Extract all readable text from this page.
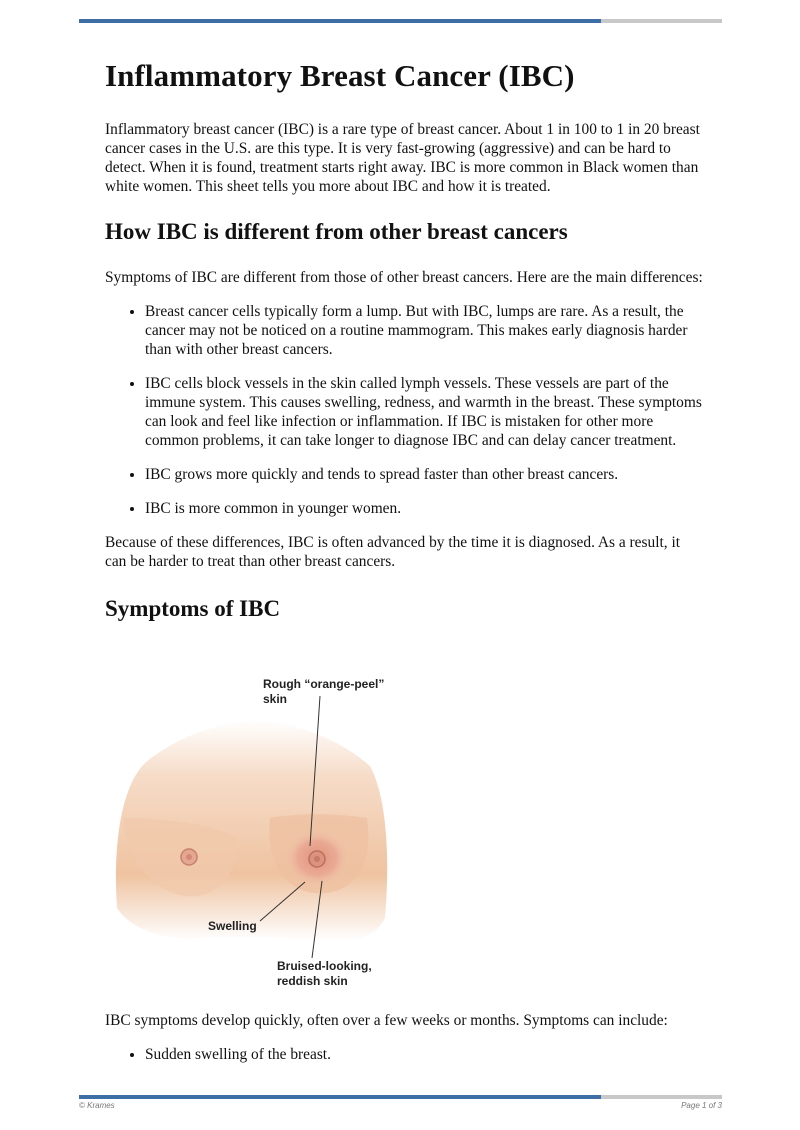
Inflammatory Breast Cancer (IBC)

Inflammatory breast cancer (IBC) is a rare type of breast cancer. About 1 in 100 to 1 in 20 breast cancer cases in the U.S. are this type. It is very fast-growing (aggressive) and can be hard to detect. When it is found, treatment starts right away. IBC is more common in Black women than white women. This sheet tells you more about IBC and how it is treated.

How IBC is different from other breast cancers

Symptoms of IBC are different from those of other breast cancers. Here are the main differences:

• Breast cancer cells typically form a lump. But with IBC, lumps are rare. As a result, the cancer may not be noticed on a routine mammogram. This makes early diagnosis harder than with other breast cancers.
• IBC cells block vessels in the skin called lymph vessels. These vessels are part of the immune system. This causes swelling, redness, and warmth in the breast. These symptoms can look and feel like infection or inflammation. If IBC is mistaken for other more common problems, it can take longer to diagnose IBC and can delay cancer treatment.
• IBC grows more quickly and tends to spread faster than other breast cancers.
• IBC is more common in younger women.

Because of these differences, IBC is often advanced by the time it is diagnosed. As a result, it can be harder to treat than other breast cancers.

Symptoms of IBC
Rough “orange-peel”
skin
Swelling
Bruised-looking,
reddish skin

IBC symptoms develop quickly, often over a few weeks or months. Symptoms can include:

• Sudden swelling of the breast.
© Krames	Page 1 of 3
